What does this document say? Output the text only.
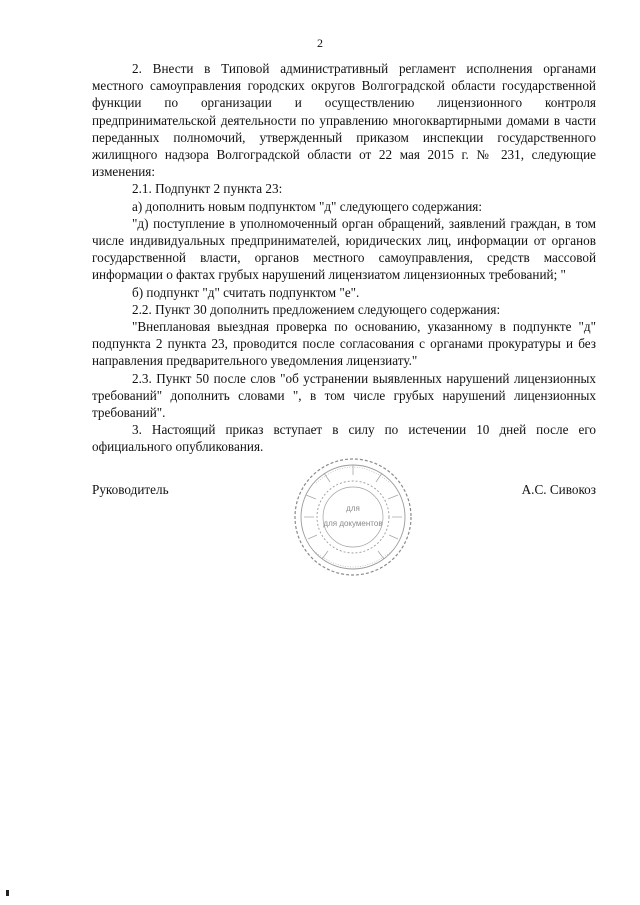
2

2. Внести в Типовой административный регламент исполнения органами местного самоуправления городских округов Волгоградской области государственной функции по организации и осуществлению лицензионного контроля предпринимательской деятельности по управлению многоквартирными домами в части переданных полномочий, утвержденный приказом инспекции государственного жилищного надзора Волгоградской области от 22 мая 2015 г. № 231, следующие изменения:

2.1. Подпункт 2 пункта 23:

а) дополнить новым подпунктом "д" следующего содержания:

"д) поступление в уполномоченный орган обращений, заявлений граждан, в том числе индивидуальных предпринимателей, юридических лиц, информации от органов государственной власти, органов местного самоуправления, средств массовой информации о фактах грубых нарушений лицензиатом лицензионных требований; "

б) подпункт "д" считать подпунктом "е".

2.2. Пункт 30 дополнить предложением следующего содержания:

"Внеплановая выездная проверка по основанию, указанному в подпункте "д" подпункта 2 пункта 23, проводится после согласования с органами прокуратуры и без направления предварительного уведомления лицензиату."

2.3. Пункт 50 после слов "об устранении выявленных нарушений лицензионных требований" дополнить словами ", в том числе грубых нарушений лицензионных требований".

3. Настоящий приказ вступает в силу по истечении 10 дней после его официального опубликования.

для
для документов
Руководитель	А.С. Сивокоз
